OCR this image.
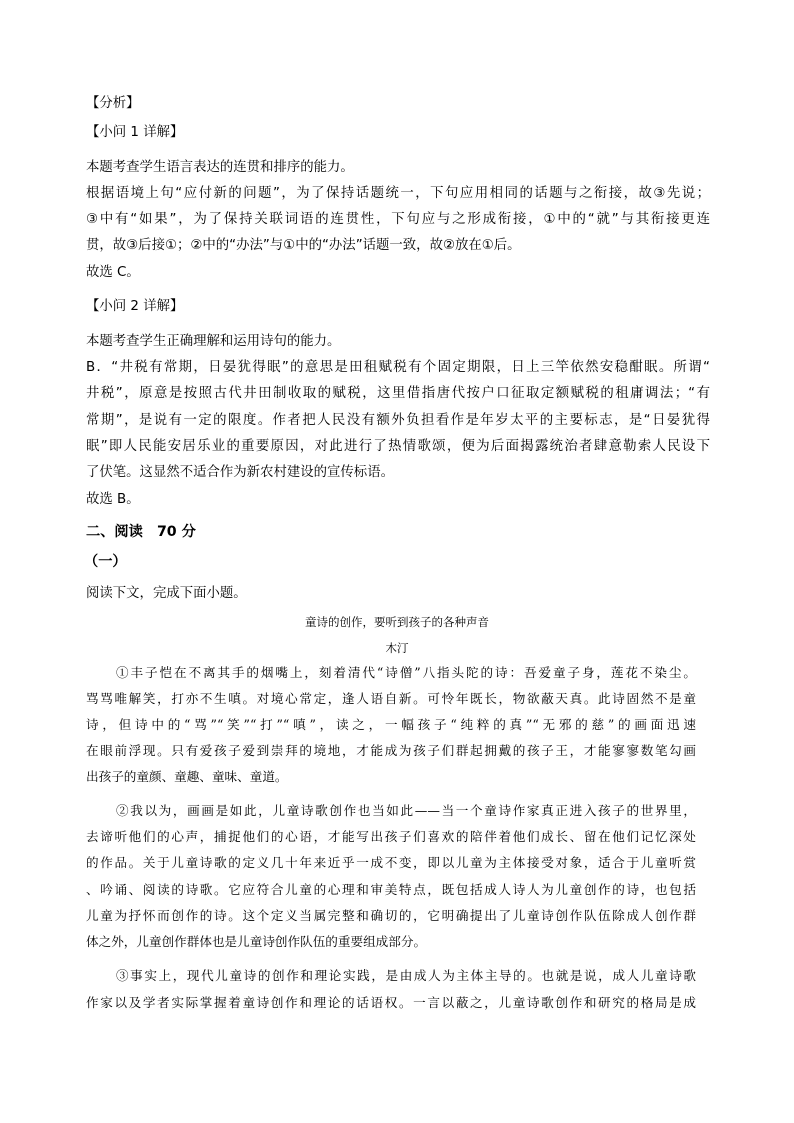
【分析】
【小问 1 详解】
本题考查学生语言表达的连贯和排序的能力。
根据语境上句“应付新的问题”，为了保持话题统一，下句应用相同的话题与之衔接，故③先说；
③中有“如果”，为了保持关联词语的连贯性，下句应与之形成衔接，①中的“就”与其衔接更连
贯，故③后接①；②中的“办法”与①中的“办法”话题一致，故②放在①后。
故选 C。
【小问 2 详解】
本题考查学生正确理解和运用诗句的能力。
B．“井税有常期，日晏犹得眠”的意思是田租赋税有个固定期限，日上三竿依然安稳酣眠。所谓“
井税”，原意是按照古代井田制收取的赋税，这里借指唐代按户口征取定额赋税的租庸调法；“有
常期”，是说有一定的限度。作者把人民没有额外负担看作是年岁太平的主要标志，是“日晏犹得
眠”即人民能安居乐业的重要原因，对此进行了热情歌颂，便为后面揭露统治者肆意勒索人民设下
了伏笔。这显然不适合作为新农村建设的宣传标语。
故选 B。
二、阅读　70 分
（一）
阅读下文，完成下面小题。
童诗的创作，要听到孩子的各种声音
木汀
①丰子恺在不离其手的烟嘴上，刻着清代“诗僧”八指头陀的诗：吾爱童子身，莲花不染尘。
骂骂唯解笑，打亦不生嗔。对境心常定，逢人语自新。可怜年既长，物欲蔽天真。此诗固然不是童
诗，但诗中的“骂”“笑”“打”“嗔”，读之，一幅孩子“纯粹的真”“无邪的慈”的画面迅速
在眼前浮现。只有爱孩子爱到崇拜的境地，才能成为孩子们群起拥戴的孩子王，才能寥寥数笔勾画
出孩子的童颜、童趣、童味、童道。
②我以为，画画是如此，儿童诗歌创作也当如此——当一个童诗作家真正进入孩子的世界里，
去谛听他们的心声，捕捉他们的心语，才能写出孩子们喜欢的陪伴着他们成长、留在他们记忆深处
的作品。关于儿童诗歌的定义几十年来近乎一成不变，即以儿童为主体接受对象，适合于儿童听赏
、吟诵、阅读的诗歌。它应符合儿童的心理和审美特点，既包括成人诗人为儿童创作的诗，也包括
儿童为抒怀而创作的诗。这个定义当属完整和确切的，它明确提出了儿童诗创作队伍除成人创作群
体之外，儿童创作群体也是儿童诗创作队伍的重要组成部分。
③事实上，现代儿童诗的创作和理论实践，是由成人为主体主导的。也就是说，成人儿童诗歌
作家以及学者实际掌握着童诗创作和理论的话语权。一言以蔽之，儿童诗歌创作和研究的格局是成
